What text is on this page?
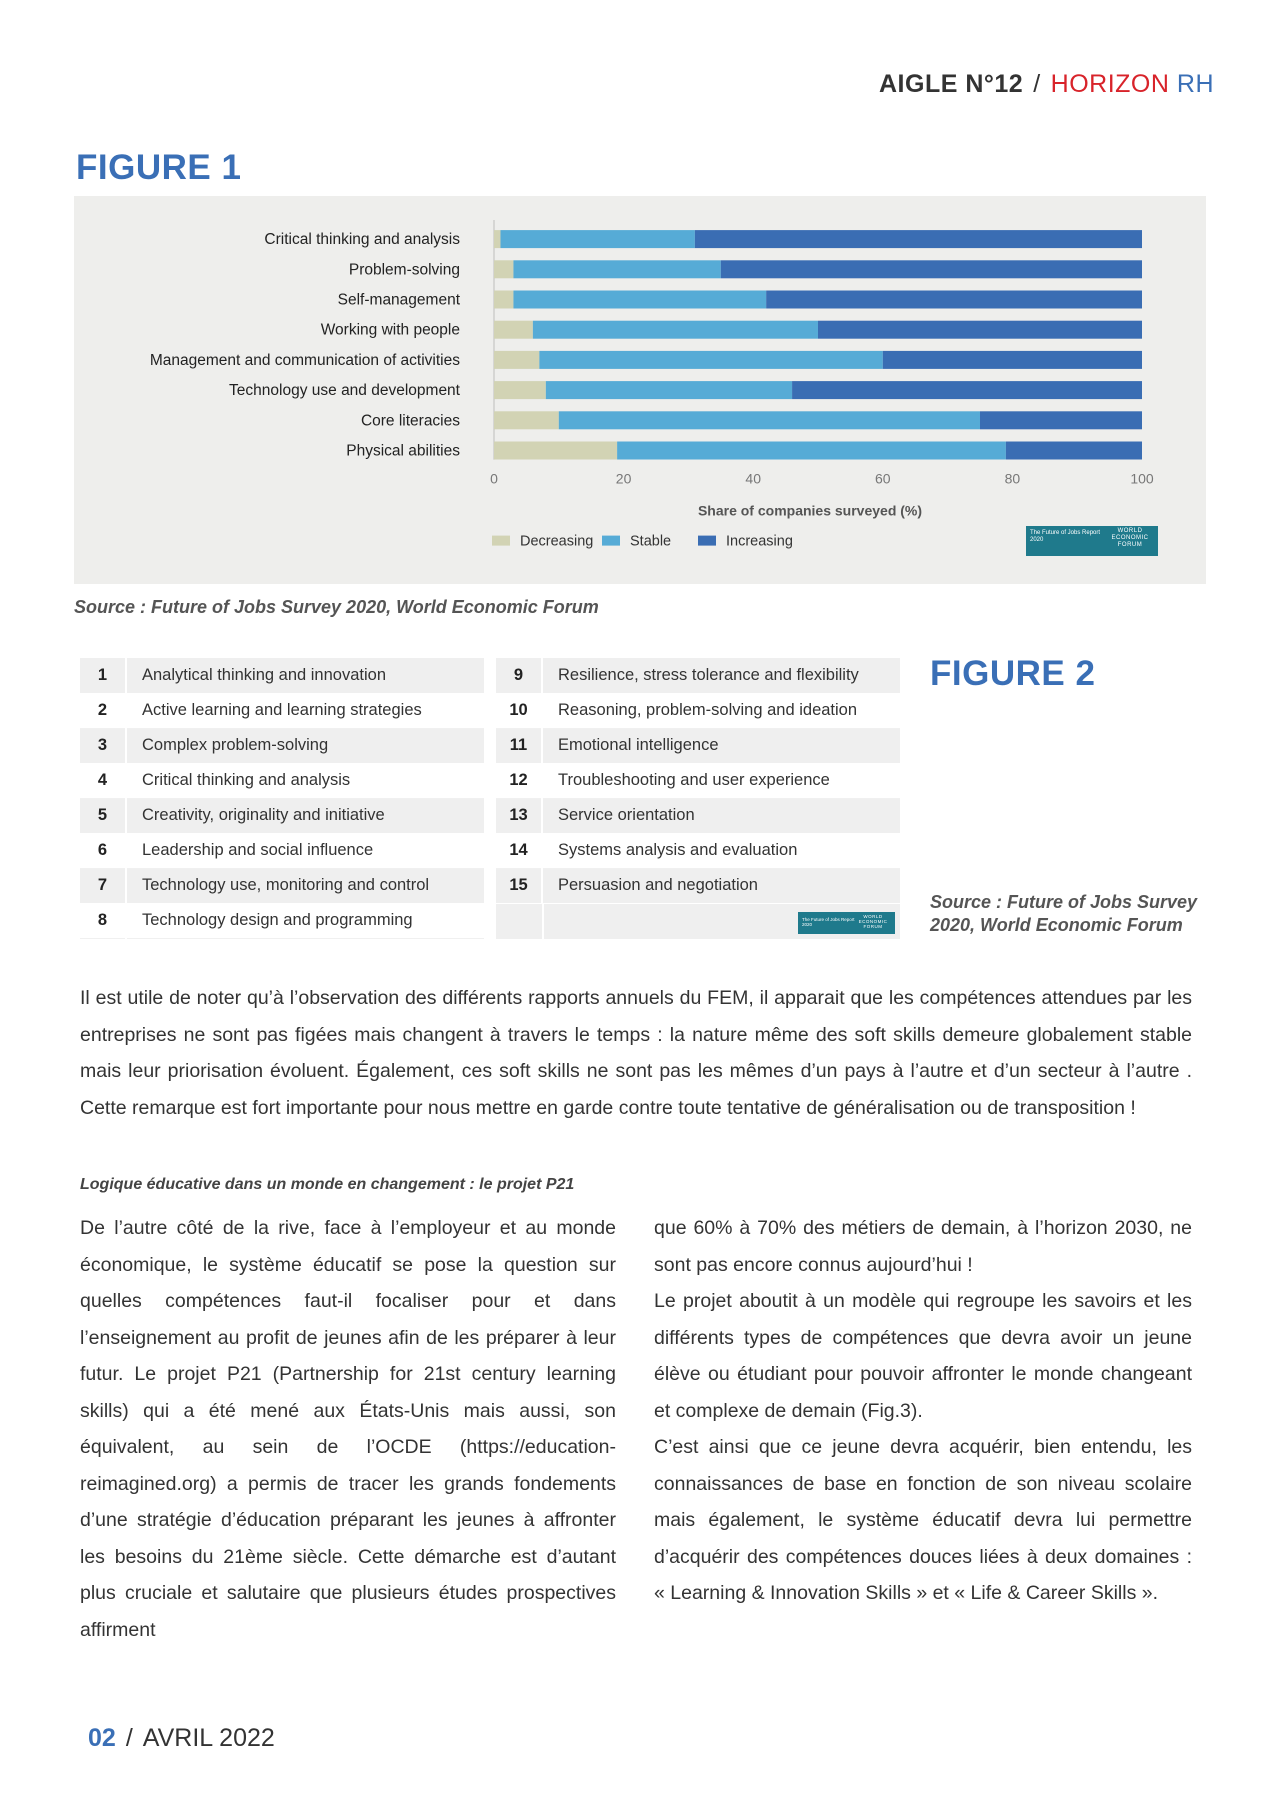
AIGLE N°12 / HORIZON RH
FIGURE 1
Critical thinking and analysis
Problem-solving
Self-management
Working with people
Management and communication of activities
Technology use and development
Core literacies
Physical abilities
0	20	40	60	80	100
Share of companies surveyed (%)
Decreasing	Stable	Increasing
The Future of Jobs Report 2020
WORLD ECONOMIC FORUM
Source : Future of Jobs Survey 2020, World Economic Forum
1	Analytical thinking and innovation
2	Active learning and learning strategies
3	Complex problem-solving
4	Critical thinking and analysis
5	Creativity, originality and initiative
6	Leadership and social influence
7	Technology use, monitoring and control
8	Technology design and programming
9	Resilience, stress tolerance and flexibility
10	Reasoning, problem-solving and ideation
11	Emotional intelligence
12	Troubleshooting and user experience
13	Service orientation
14	Systems analysis and evaluation
15	Persuasion and negotiation
The Future of Jobs Report 2020
WORLD ECONOMIC FORUM
FIGURE 2
Source : Future of Jobs Survey
2020, World Economic Forum
Il est utile de noter qu’à l’observation des différents rapports annuels du FEM, il apparait que les compétences attendues par les entreprises ne sont pas figées mais changent à travers le temps : la nature même des soft skills demeure globalement stable mais leur priorisation évoluent. Également, ces soft skills ne sont pas les mêmes d’un pays à l’autre et d’un secteur à l’autre . Cette remarque est fort importante pour nous mettre en garde contre toute tentative de généralisation ou de transposition !
Logique éducative dans un monde en changement : le projet P21
De l’autre côté de la rive, face à l’employeur et au monde économique, le système éducatif se pose la question sur quelles compétences faut-il focaliser pour et dans l’enseignement au profit de jeunes afin de les préparer à leur futur. Le projet P21 (Partnership for 21st century learning skills) qui a été mené aux États-Unis mais aussi, son équivalent, au sein de l’OCDE (https://education-reimagined.org) a permis de tracer les grands fondements d’une stratégie d’éducation préparant les jeunes à affronter les besoins du 21ème siècle. Cette démarche est d’autant plus cruciale et salutaire que plusieurs études prospectives affirment
que 60% à 70% des métiers de demain, à l’horizon 2030, ne sont pas encore connus aujourd’hui !
Le projet aboutit à un modèle qui regroupe les savoirs et les différents types de compétences que devra avoir un jeune élève ou étudiant pour pouvoir affronter le monde changeant et complexe de demain (Fig.3).
C’est ainsi que ce jeune devra acquérir, bien entendu, les connaissances de base en fonction de son niveau scolaire mais également, le système éducatif devra lui permettre d’acquérir des compétences douces liées à deux domaines : « Learning & Innovation Skills » et « Life & Career Skills ».
02 / AVRIL 2022
